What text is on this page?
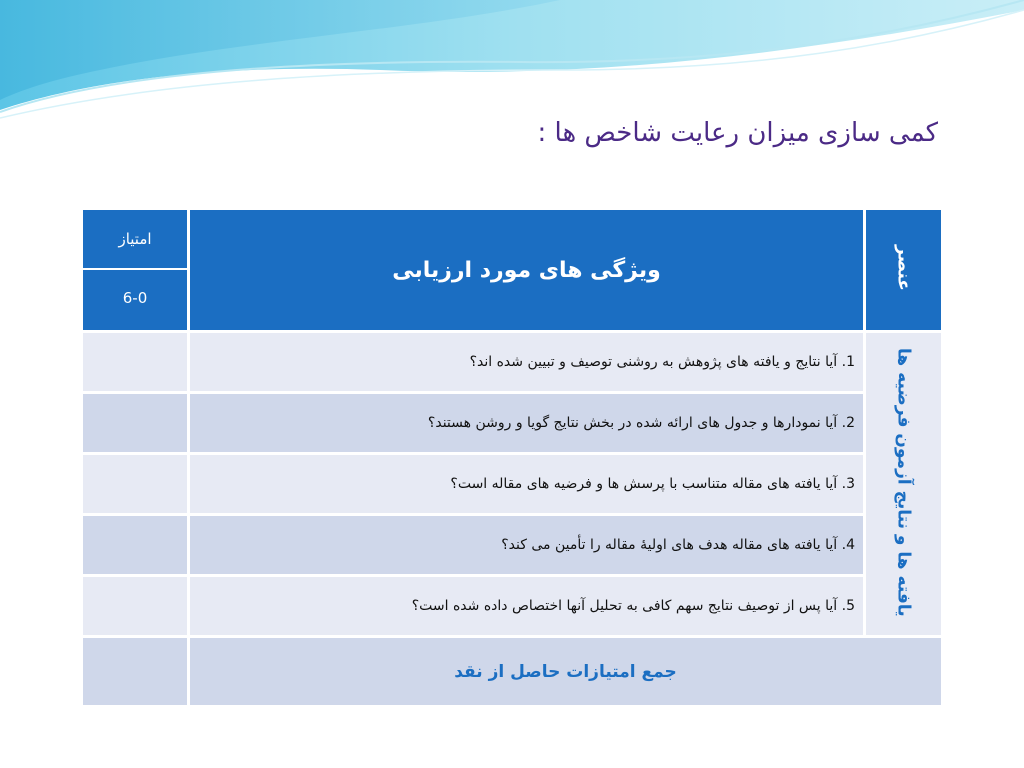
کمی سازی میزان رعایت شاخص ها :
عنصر	ویژگی های مورد ارزیابی	امتیاز
6-0

یافته ها و نتایج آزمون فرضیه ها	1. آیا نتایج و یافته های پژوهش به روشنی توصیف و تبیین شده اند؟	
	2. آیا نمودارها و جدول های ارائه شده در بخش نتایج گویا و روشن هستند؟	
	3. آیا یافته های مقاله متناسب با پرسش ها و فرضیه های مقاله است؟	
	4. آیا یافته های مقاله هدف های اولیهٔ مقاله را تأمین می کند؟	
	5. آیا پس از توصیف نتایج سهم کافی به تحلیل آنها اختصاص داده شده است؟	
جمع امتیازات حاصل از نقد		
